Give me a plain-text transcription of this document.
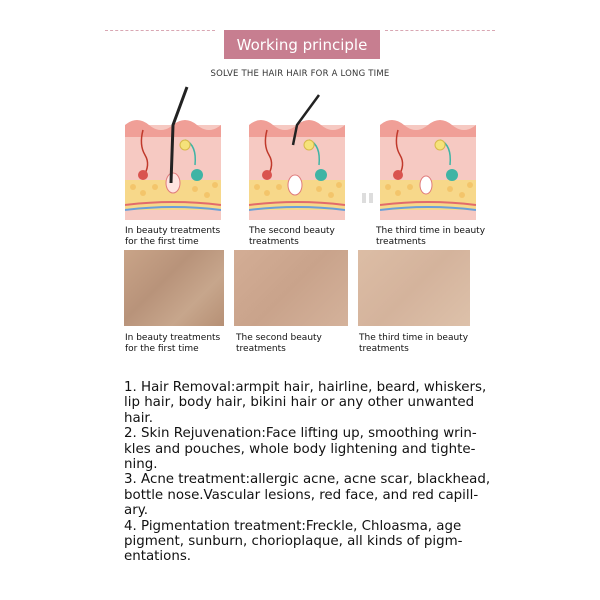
Working principle
SOLVE THE HAIR HAIR FOR A LONG TIME
In beauty treatments
for the first time
The second beauty
treatments
The third time in beauty
treatments
In beauty treatments
for the first time
The second beauty
treatments
The third time in beauty
treatments
1. Hair Removal:armpit hair, hairline, beard, whiskers,
lip hair, body hair, bikini hair or any other unwanted
hair.
2. Skin Rejuvenation:Face lifting up, smoothing wrin-
kles and pouches, whole body lightening and tighte-
ning.
3. Acne treatment:allergic acne, acne scar, blackhead,
bottle nose.Vascular lesions, red face, and red capill-
ary.
4. Pigmentation treatment:Freckle, Chloasma, age
pigment, sunburn, chorioplaque, all kinds of pigm-
entations.
